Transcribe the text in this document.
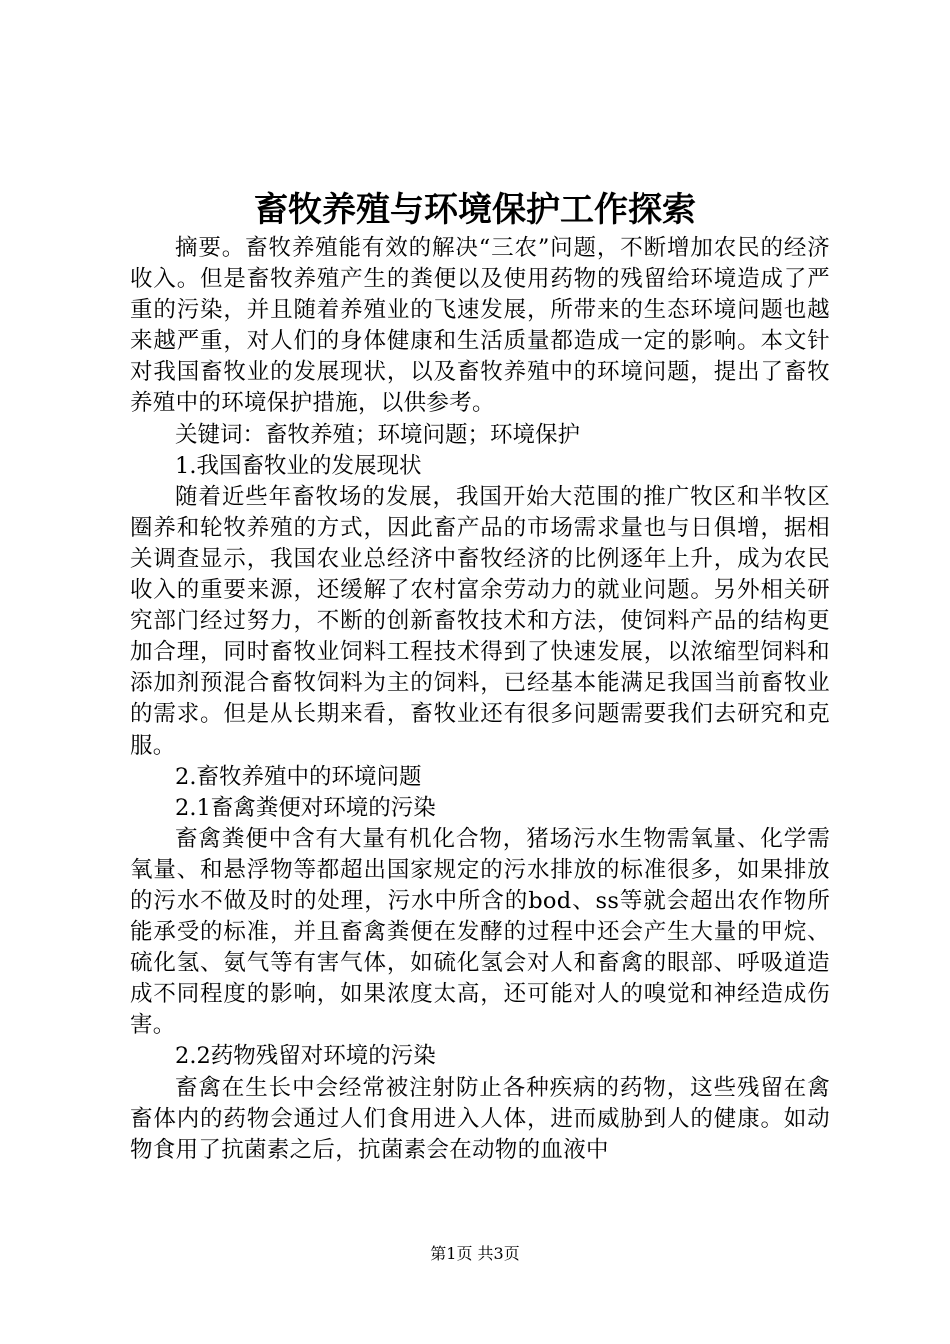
畜牧养殖与环境保护工作探索

摘要。畜牧养殖能有效的解决“三农”问题，不断增加农民的经济收入。但是畜牧养殖产生的粪便以及使用药物的残留给环境造成了严重的污染，并且随着养殖业的飞速发展，所带来的生态环境问题也越来越严重，对人们的身体健康和生活质量都造成一定的影响。本文针对我国畜牧业的发展现状，以及畜牧养殖中的环境问题，提出了畜牧养殖中的环境保护措施，以供参考。

关键词：畜牧养殖；环境问题；环境保护

1.我国畜牧业的发展现状

随着近些年畜牧场的发展，我国开始大范围的推广牧区和半牧区圈养和轮牧养殖的方式，因此畜产品的市场需求量也与日俱增，据相关调查显示，我国农业总经济中畜牧经济的比例逐年上升，成为农民收入的重要来源，还缓解了农村富余劳动力的就业问题。另外相关研究部门经过努力，不断的创新畜牧技术和方法，使饲料产品的结构更加合理，同时畜牧业饲料工程技术得到了快速发展，以浓缩型饲料和添加剂预混合畜牧饲料为主的饲料，已经基本能满足我国当前畜牧业的需求。但是从长期来看，畜牧业还有很多问题需要我们去研究和克服。

2.畜牧养殖中的环境问题

2.1畜禽粪便对环境的污染

畜禽粪便中含有大量有机化合物，猪场污水生物需氧量、化学需氧量、和悬浮物等都超出国家规定的污水排放的标准很多，如果排放的污水不做及时的处理，污水中所含的bod、ss等就会超出农作物所能承受的标准，并且畜禽粪便在发酵的过程中还会产生大量的甲烷、硫化氢、氨气等有害气体，如硫化氢会对人和畜禽的眼部、呼吸道造成不同程度的影响，如果浓度太高，还可能对人的嗅觉和神经造成伤害。

2.2药物残留对环境的污染

畜禽在生长中会经常被注射防止各种疾病的药物，这些残留在禽畜体内的药物会通过人们食用进入人体，进而威胁到人的健康。如动物食用了抗菌素之后，抗菌素会在动物的血液中

第1页 共3页
